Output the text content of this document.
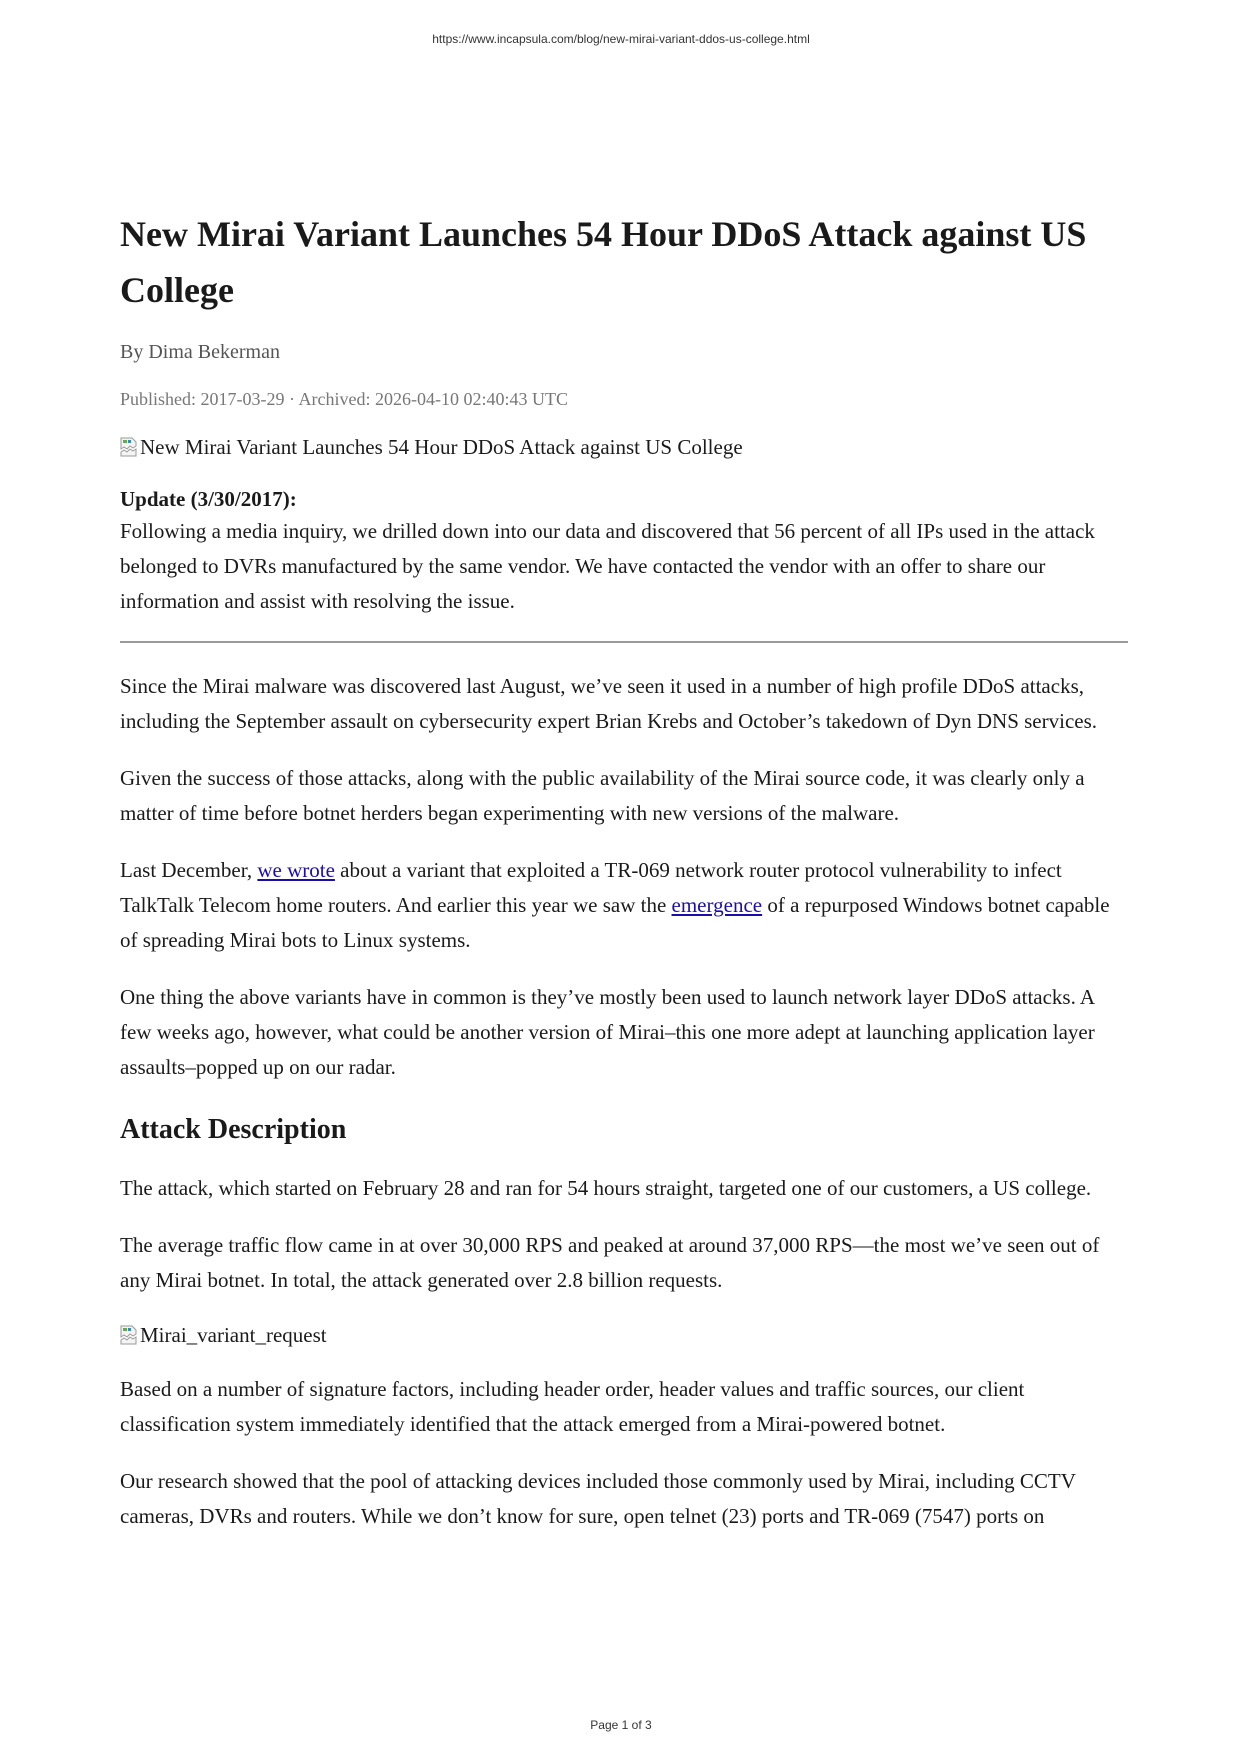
https://www.incapsula.com/blog/new-mirai-variant-ddos-us-college.html
New Mirai Variant Launches 54 Hour DDoS Attack against US College
By Dima Bekerman
Published: 2017-03-29 · Archived: 2026-04-10 02:40:43 UTC
New Mirai Variant Launches 54 Hour DDoS Attack against US College
Update (3/30/2017):

Following a media inquiry, we drilled down into our data and discovered that 56 percent of all IPs used in the attack belonged to DVRs manufactured by the same vendor. We have contacted the vendor with an offer to share our information and assist with resolving the issue.

Since the Mirai malware was discovered last August, we’ve seen it used in a number of high profile DDoS attacks, including the September assault on cybersecurity expert Brian Krebs and October’s takedown of Dyn DNS services.

Given the success of those attacks, along with the public availability of the Mirai source code, it was clearly only a matter of time before botnet herders began experimenting with new versions of the malware.

Last December, we wrote about a variant that exploited a TR-069 network router protocol vulnerability to infect TalkTalk Telecom home routers. And earlier this year we saw the emergence of a repurposed Windows botnet capable of spreading Mirai bots to Linux systems.

One thing the above variants have in common is they’ve mostly been used to launch network layer DDoS attacks. A few weeks ago, however, what could be another version of Mirai–this one more adept at launching application layer assaults–popped up on our radar.

Attack Description

The attack, which started on February 28 and ran for 54 hours straight, targeted one of our customers, a US college.

The average traffic flow came in at over 30,000 RPS and peaked at around 37,000 RPS—the most we’ve seen out of any Mirai botnet. In total, the attack generated over 2.8 billion requests.

Mirai_variant_request

Based on a number of signature factors, including header order, header values and traffic sources, our client classification system immediately identified that the attack emerged from a Mirai-powered botnet.

Our research showed that the pool of attacking devices included those commonly used by Mirai, including CCTV cameras, DVRs and routers. While we don’t know for sure, open telnet (23) ports and TR-069 (7547) ports on

Page 1 of 3
